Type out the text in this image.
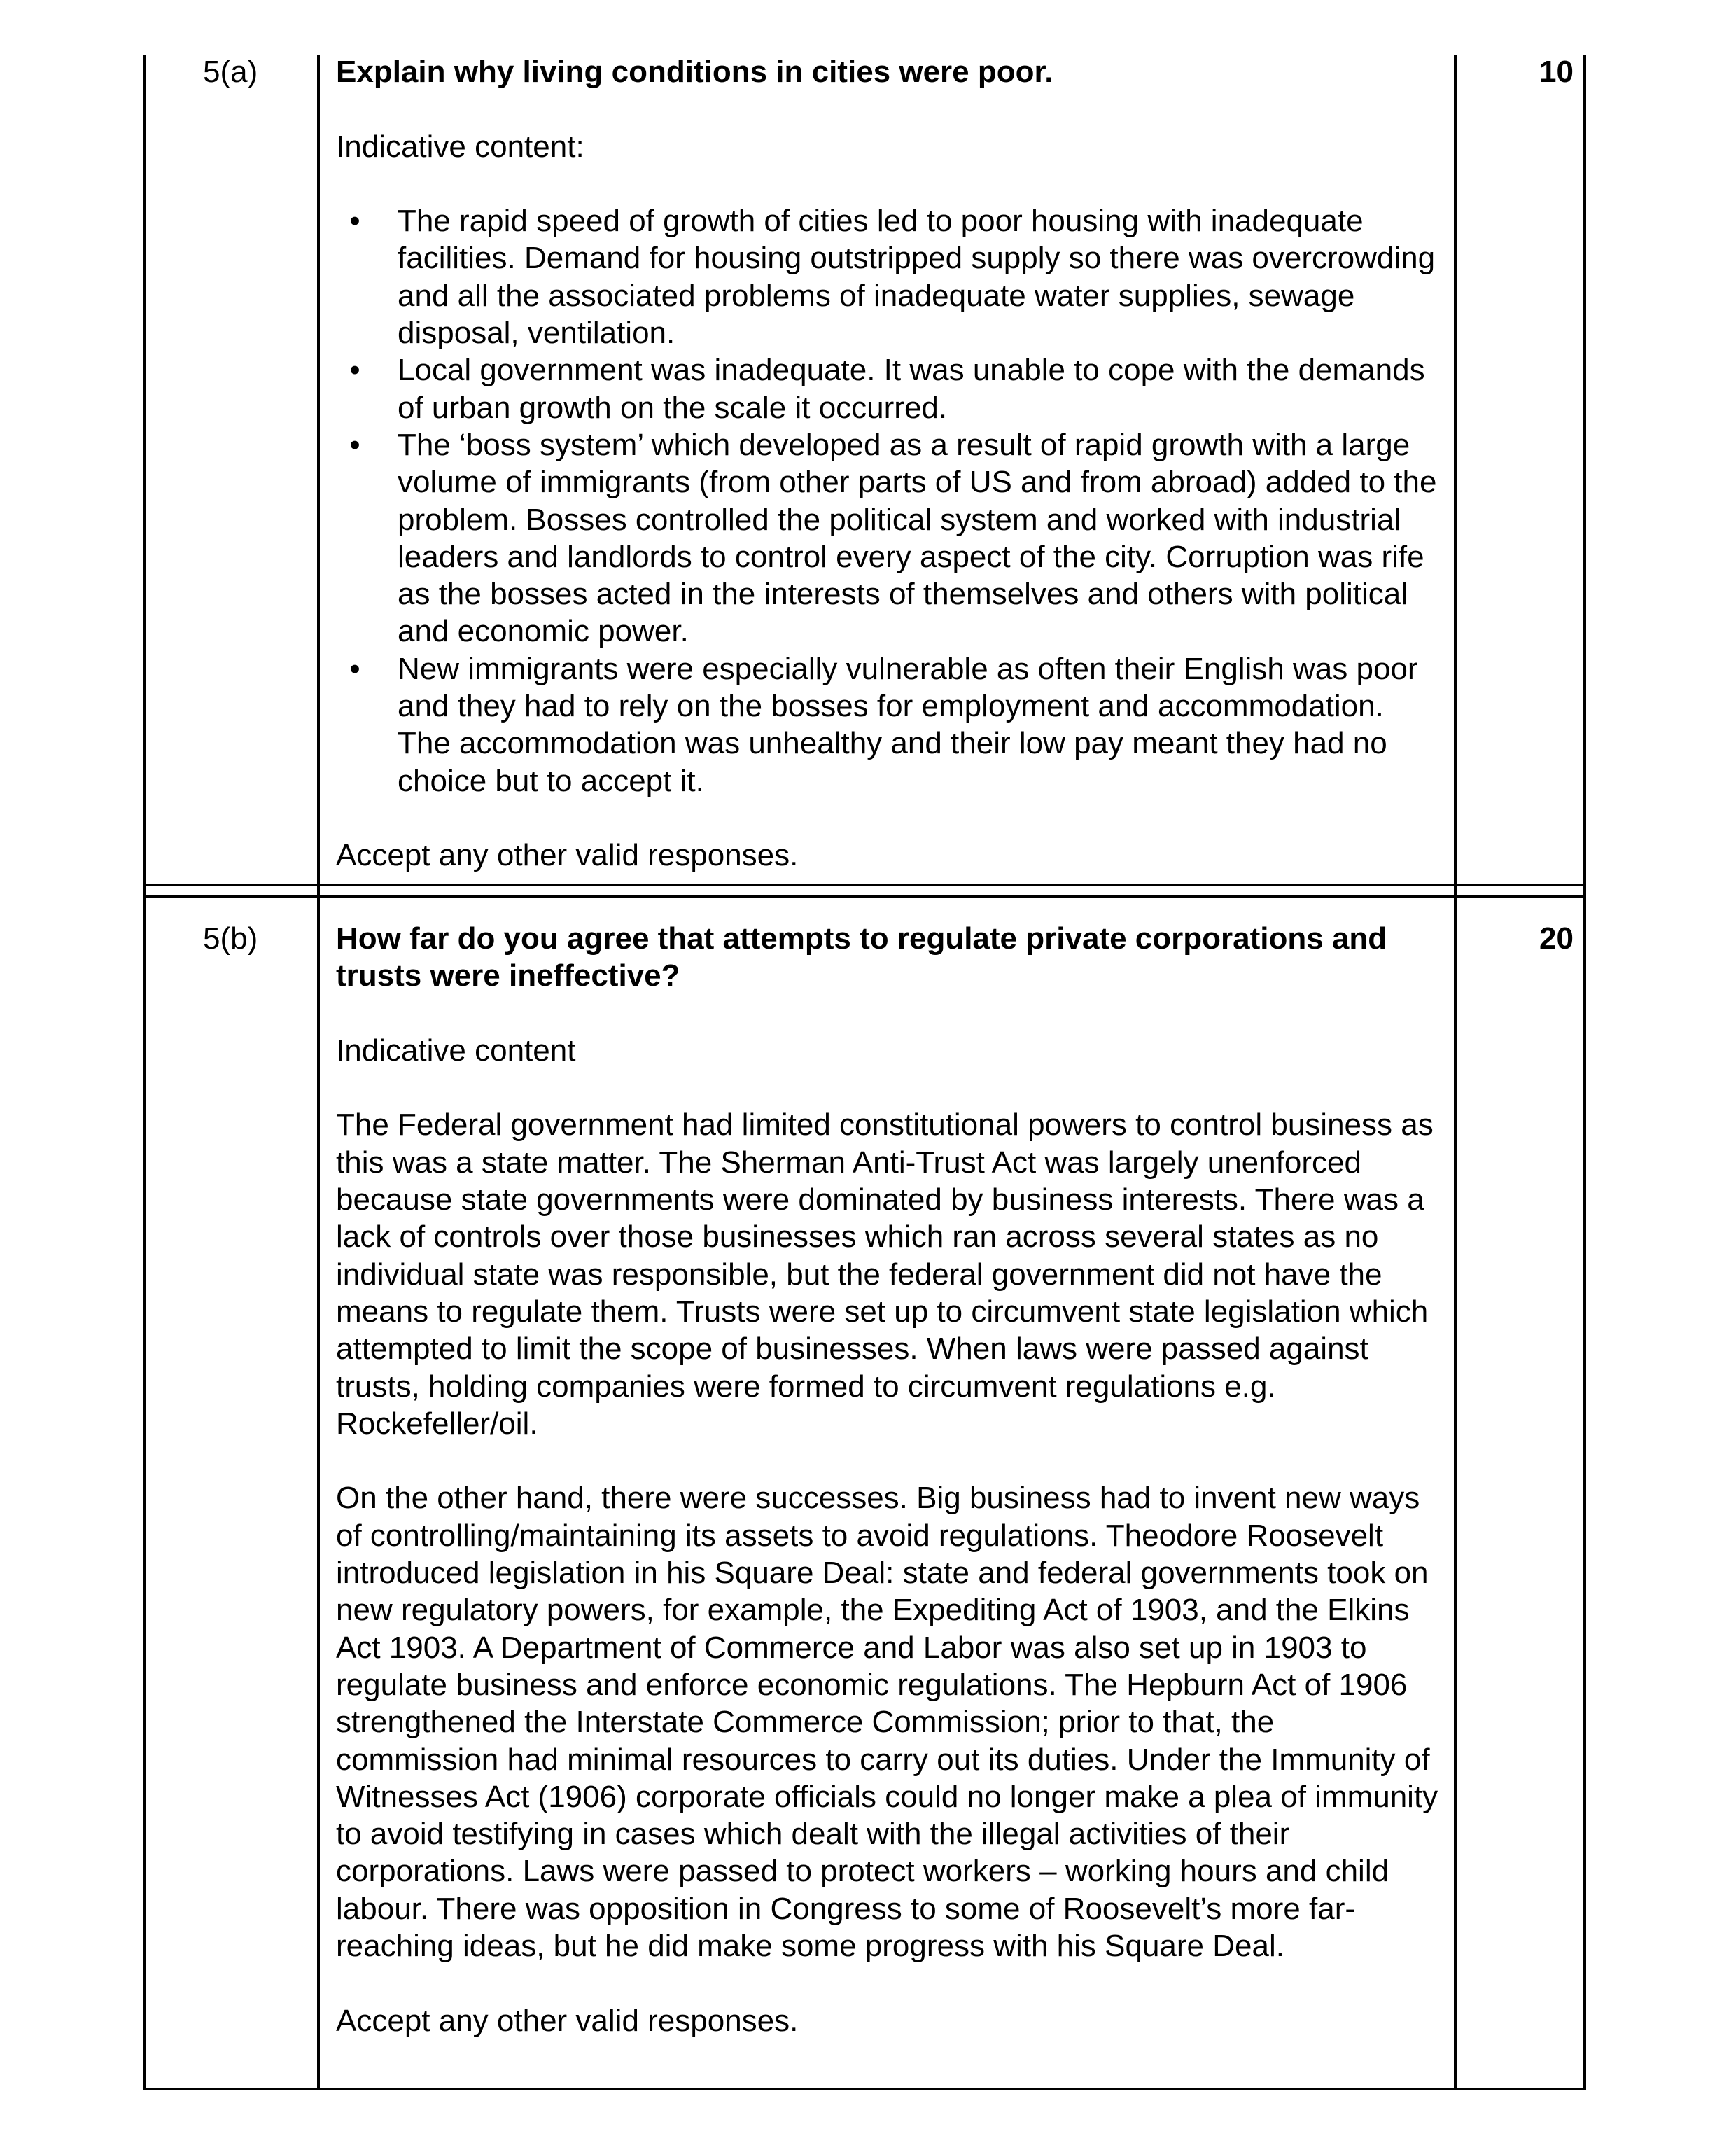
5(a)	10

Explain why living conditions in cities were poor.

Indicative content:

• The rapid speed of growth of cities led to poor housing with inadequate facilities. Demand for housing outstripped supply so there was overcrowding and all the associated problems of inadequate water supplies, sewage disposal, ventilation.
• Local government was inadequate. It was unable to cope with the demands of urban growth on the scale it occurred.
• The ‘boss system’ which developed as a result of rapid growth with a large volume of immigrants (from other parts of US and from abroad) added to the problem. Bosses controlled the political system and worked with industrial leaders and landlords to control every aspect of the city. Corruption was rife as the bosses acted in the interests of themselves and others with political and economic power.
• New immigrants were especially vulnerable as often their English was poor and they had to rely on the bosses for employment and accommodation. The accommodation was unhealthy and their low pay meant they had no choice but to accept it.

Accept any other valid responses.

5(b)	20

How far do you agree that attempts to regulate private corporations and trusts were ineffective?

Indicative content

The Federal government had limited constitutional powers to control business as this was a state matter. The Sherman Anti-Trust Act was largely unenforced because state governments were dominated by business interests. There was a lack of controls over those businesses which ran across several states as no individual state was responsible, but the federal government did not have the means to regulate them. Trusts were set up to circumvent state legislation which attempted to limit the scope of businesses. When laws were passed against trusts, holding companies were formed to circumvent regulations e.g. Rockefeller/oil.

On the other hand, there were successes. Big business had to invent new ways of controlling/maintaining its assets to avoid regulations. Theodore Roosevelt introduced legislation in his Square Deal: state and federal governments took on new regulatory powers, for example, the Expediting Act of 1903, and the Elkins Act 1903. A Department of Commerce and Labor was also set up in 1903 to regulate business and enforce economic regulations. The Hepburn Act of 1906 strengthened the Interstate Commerce Commission; prior to that, the commission had minimal resources to carry out its duties. Under the Immunity of Witnesses Act (1906) corporate officials could no longer make a plea of immunity to avoid testifying in cases which dealt with the illegal activities of their corporations. Laws were passed to protect workers – working hours and child labour. There was opposition in Congress to some of Roosevelt’s more far-reaching ideas, but he did make some progress with his Square Deal.

Accept any other valid responses.
